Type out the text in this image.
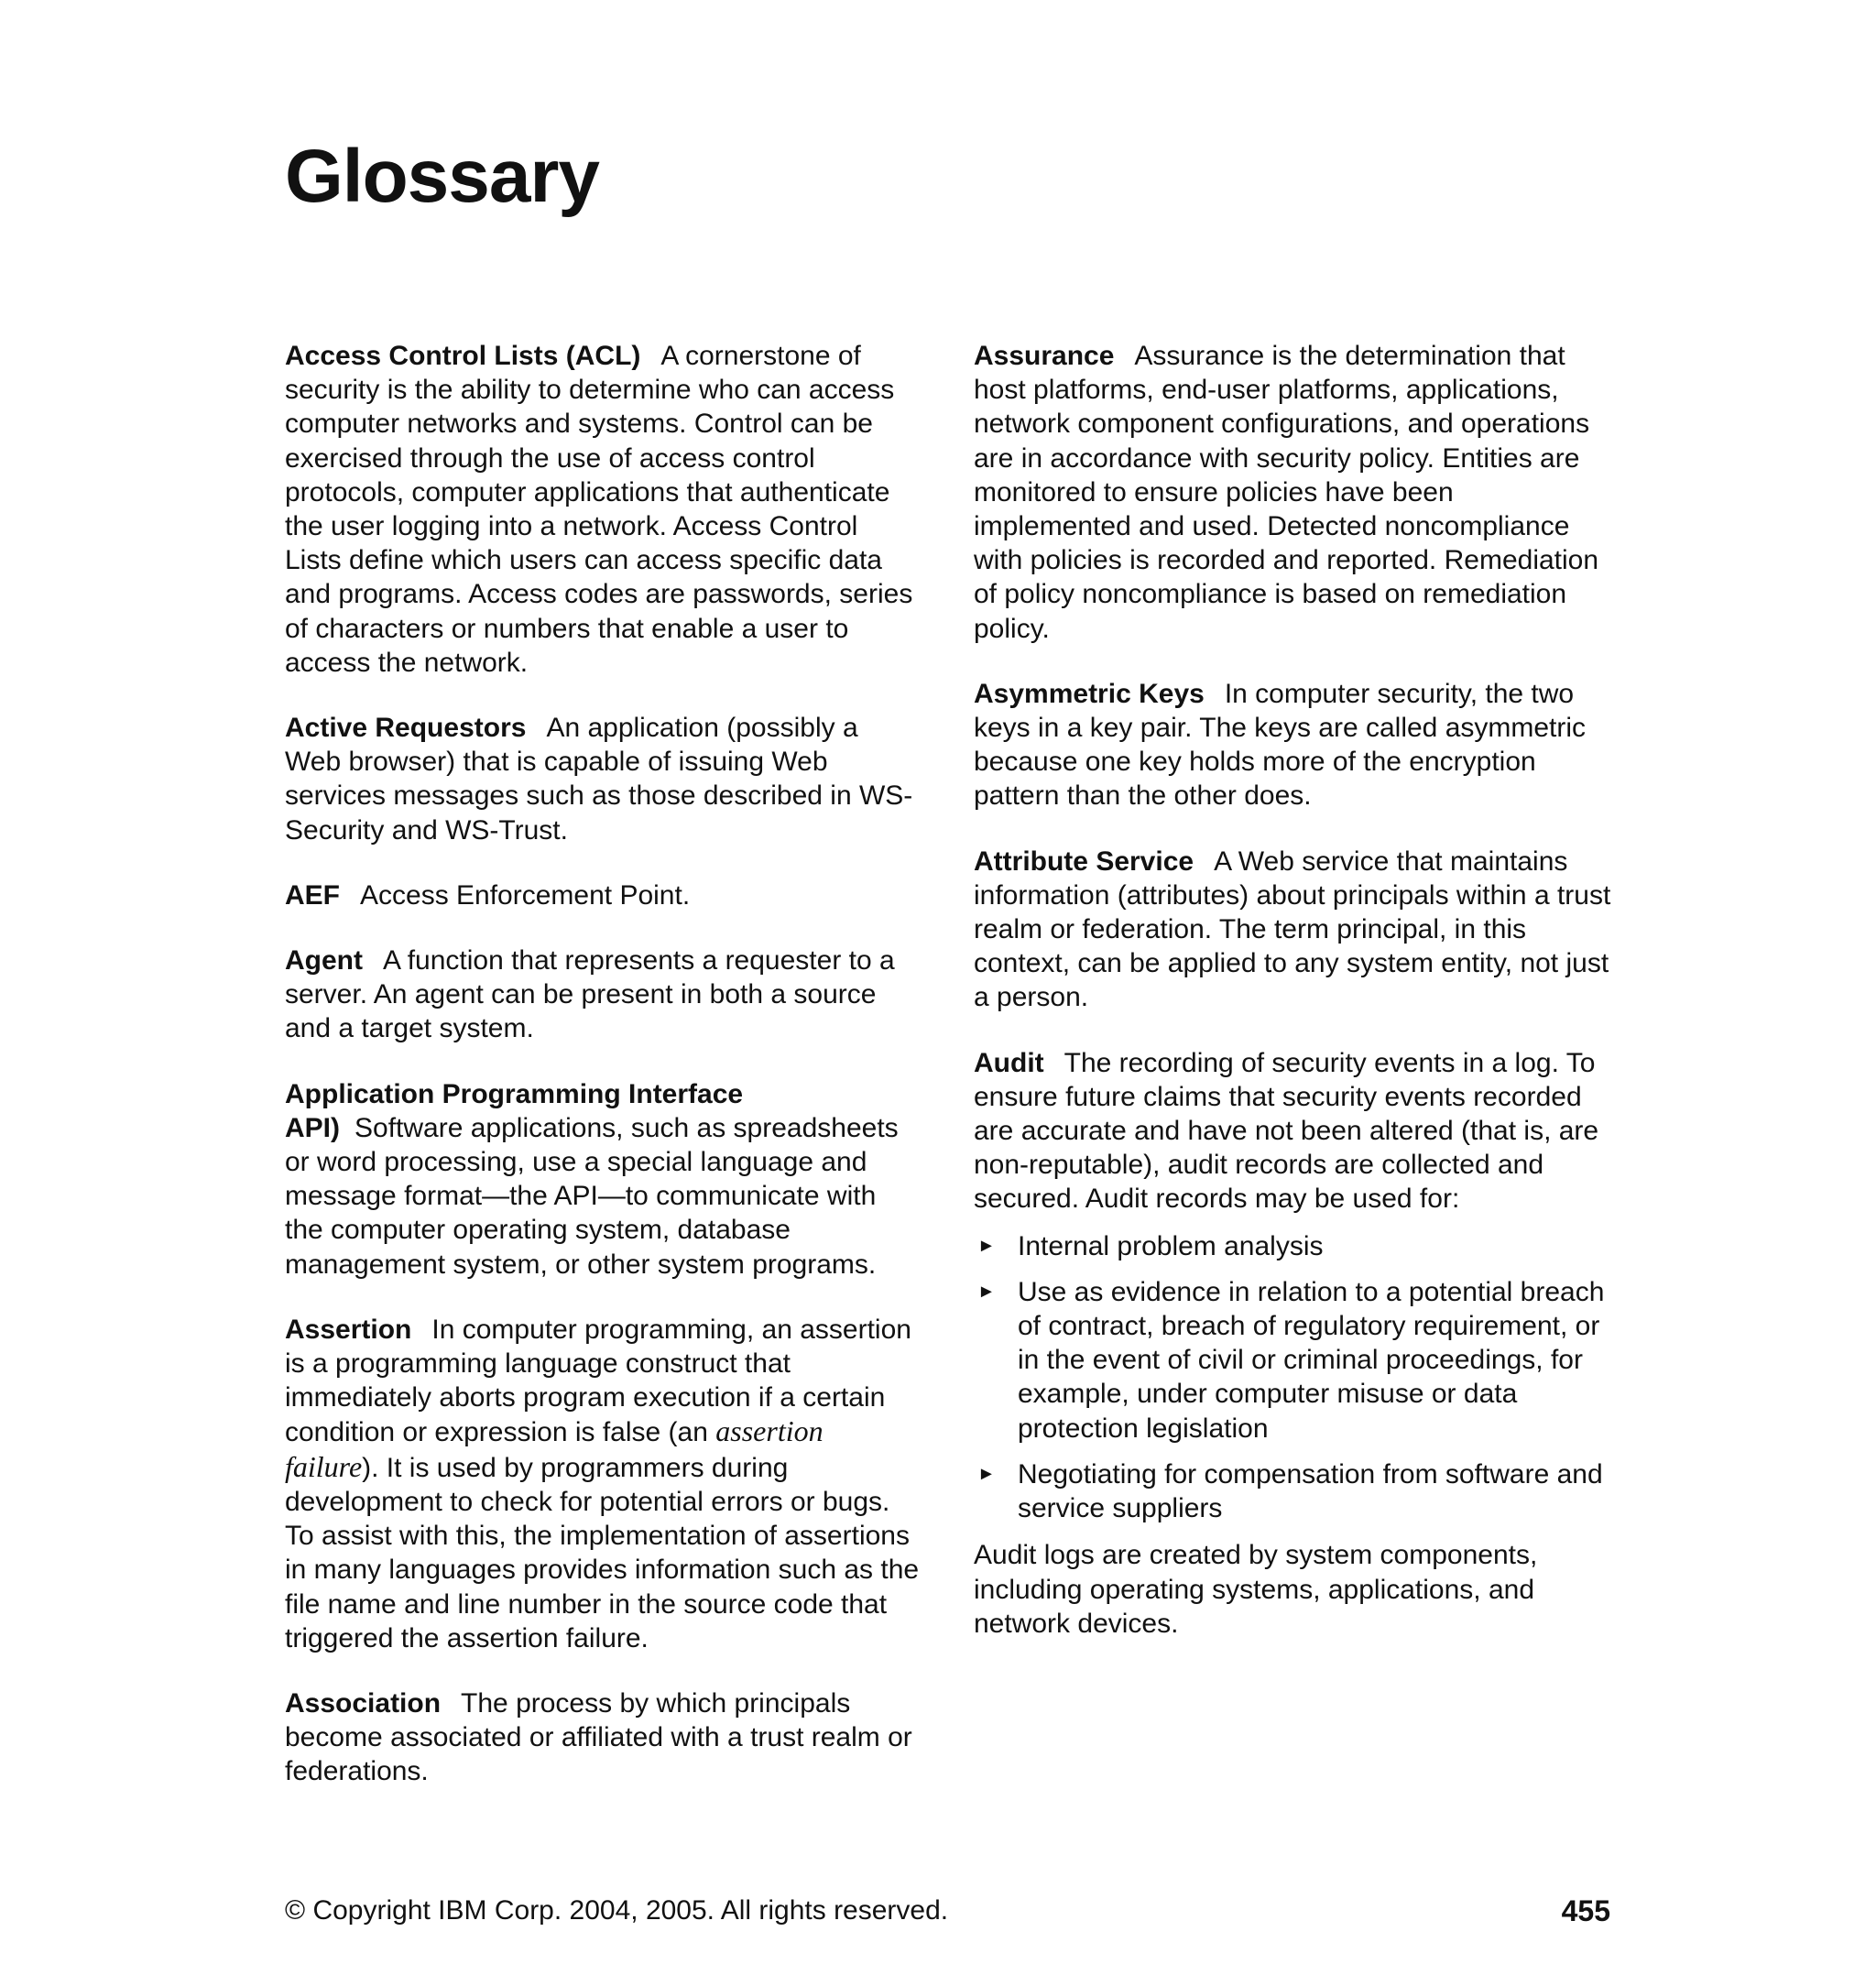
Glossary

Access Control Lists (ACL) A cornerstone of security is the ability to determine who can access computer networks and systems. Control can be exercised through the use of access control protocols, computer applications that authenticate the user logging into a network. Access Control Lists define which users can access specific data and programs. Access codes are passwords, series of characters or numbers that enable a user to access the network.

Active Requestors An application (possibly a Web browser) that is capable of issuing Web services messages such as those described in WS-Security and WS-Trust.

AEF Access Enforcement Point.

Agent A function that represents a requester to a server. An agent can be present in both a source and a target system.

Application Programming Interface
API) Software applications, such as spreadsheets or word processing, use a special language and message format—the API—to communicate with the computer operating system, database management system, or other system programs.

Assertion In computer programming, an assertion is a programming language construct that immediately aborts program execution if a certain condition or expression is false (an assertion failure). It is used by programmers during development to check for potential errors or bugs. To assist with this, the implementation of assertions in many languages provides information such as the file name and line number in the source code that triggered the assertion failure.

Association The process by which principals become associated or affiliated with a trust realm or federations.

Assurance Assurance is the determination that host platforms, end-user platforms, applications, network component configurations, and operations are in accordance with security policy. Entities are monitored to ensure policies have been implemented and used. Detected noncompliance with policies is recorded and reported. Remediation of policy noncompliance is based on remediation policy.

Asymmetric Keys In computer security, the two keys in a key pair. The keys are called asymmetric because one key holds more of the encryption pattern than the other does.

Attribute Service A Web service that maintains information (attributes) about principals within a trust realm or federation. The term principal, in this context, can be applied to any system entity, not just a person.

Audit The recording of security events in a log. To ensure future claims that security events recorded are accurate and have not been altered (that is, are non-reputable), audit records are collected and secured. Audit records may be used for:

► Internal problem analysis
► Use as evidence in relation to a potential breach of contract, breach of regulatory requirement, or in the event of civil or criminal proceedings, for example, under computer misuse or data protection legislation
► Negotiating for compensation from software and service suppliers

Audit logs are created by system components, including operating systems, applications, and network devices.

© Copyright IBM Corp. 2004, 2005. All rights reserved.	455
